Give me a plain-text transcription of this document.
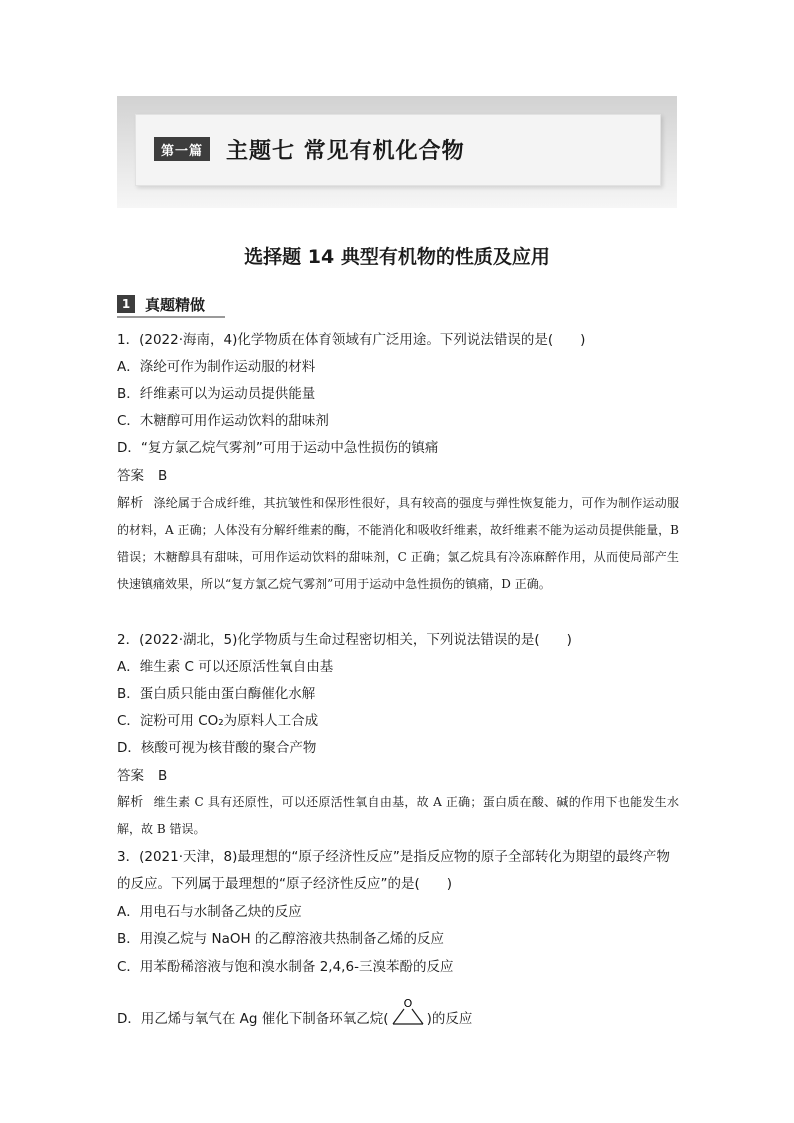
第一篇	主题七 常见有机化合物
选择题 14 典型有机物的性质及应用
1 真题精做
1．(2022·海南，4)化学物质在体育领域有广泛用途。下列说法错误的是(　　)
A．涤纶可作为制作运动服的材料
B．纤维素可以为运动员提供能量
C．木糖醇可用作运动饮料的甜味剂
D．“复方氯乙烷气雾剂”可用于运动中急性损伤的镇痛
答案 B
解析 涤纶属于合成纤维，其抗皱性和保形性很好，具有较高的强度与弹性恢复能力，可作为制作运动服的材料，A 正确；人体没有分解纤维素的酶，不能消化和吸收纤维素，故纤维素不能为运动员提供能量，B 错误；木糖醇具有甜味，可用作运动饮料的甜味剂，C 正确；氯乙烷具有冷冻麻醉作用，从而使局部产生快速镇痛效果，所以“复方氯乙烷气雾剂”可用于运动中急性损伤的镇痛，D 正确。
2．(2022·湖北，5)化学物质与生命过程密切相关，下列说法错误的是(　　)
A．维生素 C 可以还原活性氧自由基
B．蛋白质只能由蛋白酶催化水解
C．淀粉可用 CO₂为原料人工合成
D．核酸可视为核苷酸的聚合产物
答案 B
解析 维生素 C 具有还原性，可以还原活性氧自由基，故 A 正确；蛋白质在酸、碱的作用下也能发生水解，故 B 错误。
3．(2021·天津，8)最理想的“原子经济性反应”是指反应物的原子全部转化为期望的最终产物的反应。下列属于最理想的“原子经济性反应”的是(　　)
A．用电石与水制备乙炔的反应
B．用溴乙烷与 NaOH 的乙醇溶液共热制备乙烯的反应
C．用苯酚稀溶液与饱和溴水制备 2,4,6-三溴苯酚的反应
D．用乙烯与氧气在 Ag 催化下制备环氧乙烷(
O
)的反应
